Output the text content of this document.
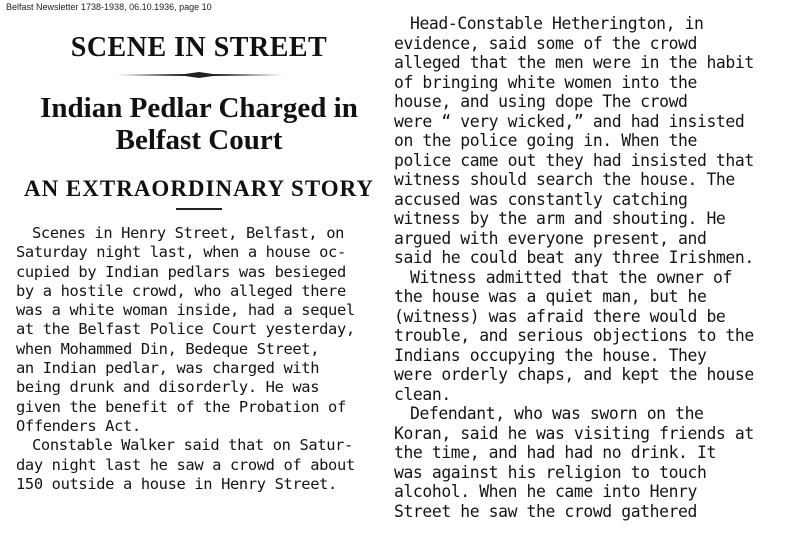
Belfast Newsletter 1738-1938, 06.10.1936, page 10
SCENE IN STREET
Indian Pedlar Charged in
Belfast Court
AN EXTRAORDINARY STORY
Scenes in Henry Street, Belfast, on
Saturday night last, when a house oc-
cupied by Indian pedlars was besieged
by a hostile crowd, who alleged there
was a white woman inside, had a sequel
at the Belfast Police Court yesterday,
when Mohammed Din, Bedeque Street,
an Indian pedlar, was charged with
being drunk and disorderly. He was
given the benefit of the Probation of
Offenders Act.
Constable Walker said that on Satur-
day night last he saw a crowd of about
150 outside a house in Henry Street.
Head-Constable Hetherington, in
evidence, said some of the crowd
alleged that the men were in the habit
of bringing white women into the
house, and using dope The crowd
were “ very wicked,” and had insisted
on the police going in. When the
police came out they had insisted that
witness should search the house. The
accused was constantly catching
witness by the arm and shouting. He
argued with everyone present, and
said he could beat any three Irishmen.
Witness admitted that the owner of
the house was a quiet man, but he
(witness) was afraid there would be
trouble, and serious objections to the
Indians occupying the house. They
were orderly chaps, and kept the house
clean.
Defendant, who was sworn on the
Koran, said he was visiting friends at
the time, and had had no drink. It
was against his religion to touch
alcohol. When he came into Henry
Street he saw the crowd gathered
